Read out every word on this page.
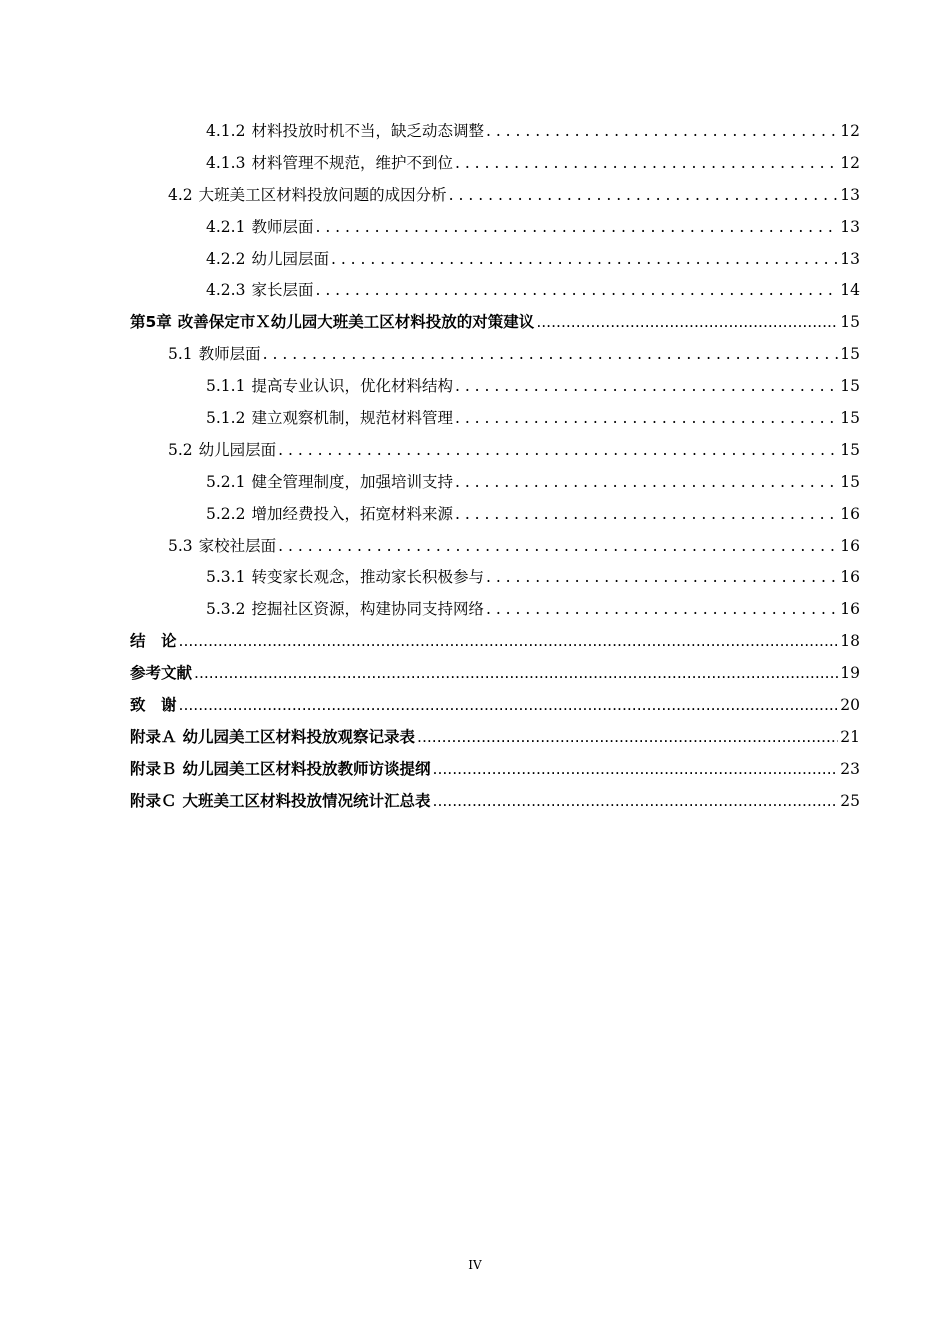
4.1.2 材料投放时机不当，缺乏动态调整 . . .	12
4.1.3 材料管理不规范，维护不到位 . . .	12
4.2 大班美工区材料投放问题的成因分析 . . .	13
4.2.1 教师层面 . . .	13
4.2.2 幼儿园层面 . . .	13
4.2.3 家长层面 . . .	14
第5章 改善保定市Ｘ幼儿园大班美工区材料投放的对策建议 .....	15
5.1 教师层面 . . .	15
5.1.1 提高专业认识，优化材料结构 . . .	15
5.1.2 建立观察机制，规范材料管理 . . .	15
5.2 幼儿园层面 . . .	15
5.2.1 健全管理制度，加强培训支持 . . .	15
5.2.2 增加经费投入，拓宽材料来源 . . .	16
5.3 家校社层面 . . .	16
5.3.1 转变家长观念，推动家长积极参与 . . .	16
5.3.2 挖掘社区资源，构建协同支持网络 . . .	16
结　论 .....	18
参考文献 .....	19
致　谢 .....	20
附录Ａ 幼儿园美工区材料投放观察记录表 .....	21
附录Ｂ 幼儿园美工区材料投放教师访谈提纲 .....	23
附录Ｃ 大班美工区材料投放情况统计汇总表 .....	25
IV
